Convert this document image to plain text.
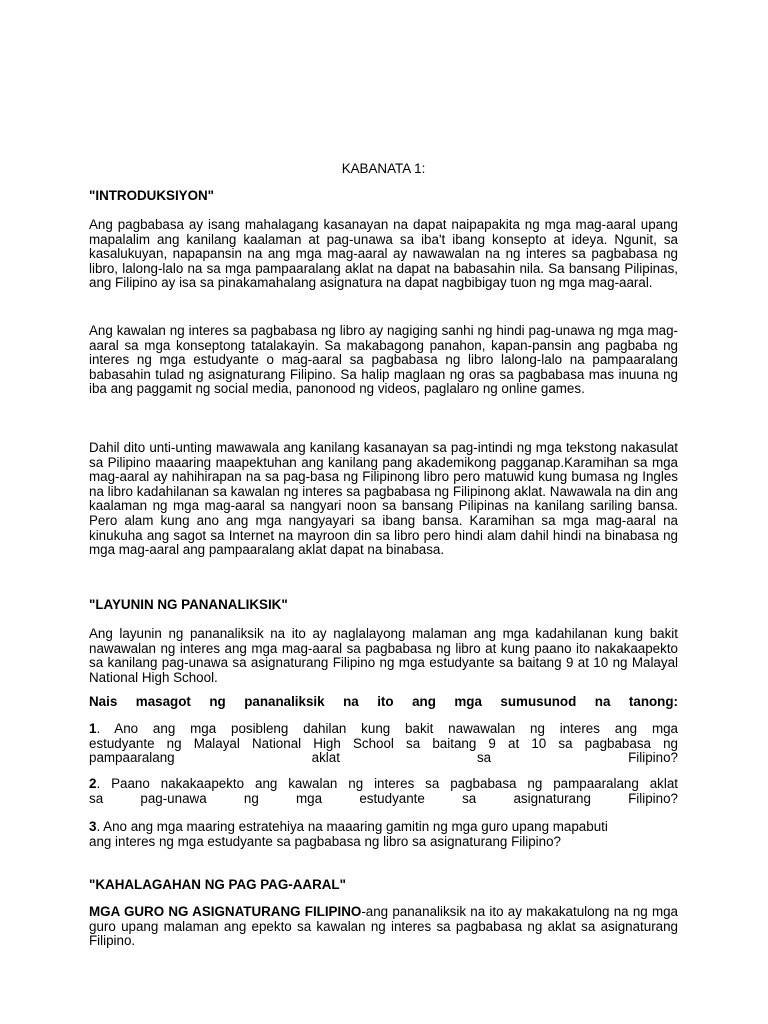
KABANATA 1:
"INTRODUKSIYON"

Ang pagbabasa ay isang mahalagang kasanayan na dapat naipapakita ng mga mag-aaral upang mapalalim ang kanilang kaalaman at pag-unawa sa iba't ibang konsepto at ideya. Ngunit, sa kasalukuyan, napapansin na ang mga mag-aaral ay nawawalan na ng interes sa pagbabasa ng libro, lalong-lalo na sa mga pampaaralang aklat na dapat na babasahin nila. Sa bansang Pilipinas, ang Filipino ay isa sa pinakamahalang asignatura na dapat nagbibigay tuon ng mga mag-aaral.

Ang kawalan ng interes sa pagbabasa ng libro ay nagiging sanhi ng hindi pag-unawa ng mga mag-aaral sa mga konseptong tatalakayin. Sa makabagong panahon, kapan-pansin ang pagbaba ng interes ng mga estudyante o mag-aaral sa pagbabasa ng libro lalong-lalo na pampaaralang babasahin tulad ng asignaturang Filipino. Sa halip maglaan ng oras sa pagbabasa mas inuuna ng iba ang paggamit ng social media, panonood ng videos, paglalaro ng online games.

Dahil dito unti-unting mawawala ang kanilang kasanayan sa pag-intindi ng mga tekstong nakasulat sa Pilipino maaaring maapektuhan ang kanilang pang akademikong pagganap.Karamihan sa mga mag-aaral ay nahihirapan na sa pag-basa ng Filipinong libro pero matuwid kung bumasa ng Ingles na libro kadahilanan sa kawalan ng interes sa pagbabasa ng Filipinong aklat. Nawawala na din ang kaalaman ng mga mag-aaral sa nangyari noon sa bansang Pilipinas na kanilang sariling bansa. Pero alam kung ano ang mga nangyayari sa ibang bansa. Karamihan sa mga mag-aaral na kinukuha ang sagot sa Internet na mayroon din sa libro pero hindi alam dahil hindi na binabasa ng mga mag-aaral ang pampaaralang aklat dapat na binabasa.

"LAYUNIN NG PANANALIKSIK"

Ang layunin ng pananaliksik na ito ay naglalayong malaman ang mga kadahilanan kung bakit nawawalan ng interes ang mga mag-aaral sa pagbabasa ng libro at kung paano ito nakakaapekto sa kanilang pag-unawa sa asignaturang Filipino ng mga estudyante sa baitang 9 at 10 ng Malayal National High School.

Nais masagot ng pananaliksik na ito ang mga sumusunod na tanong:

1. Ano ang mga posibleng dahilan kung bakit nawawalan ng interes ang mga
estudyante ng Malayal National High School sa baitang 9 at 10 sa pagbabasa ng
pampaaralang aklat sa Filipino?
2. Paano nakakaapekto ang kawalan ng interes sa pagbabasa ng pampaaralang aklat
sa pag-unawa ng mga estudyante sa asignaturang Filipino?
3. Ano ang mga maaring estratehiya na maaaring gamitin ng mga guro upang mapabuti
ang interes ng mga estudyante sa pagbabasa ng libro sa asignaturang Filipino?
"KAHALAGAHAN NG PAG PAG-AARAL"

MGA GURO NG ASIGNATURANG FILIPINO-ang pananaliksik na ito ay makakatulong na ng mga guro upang malaman ang epekto sa kawalan ng interes sa pagbabasa ng aklat sa asignaturang Filipino.
